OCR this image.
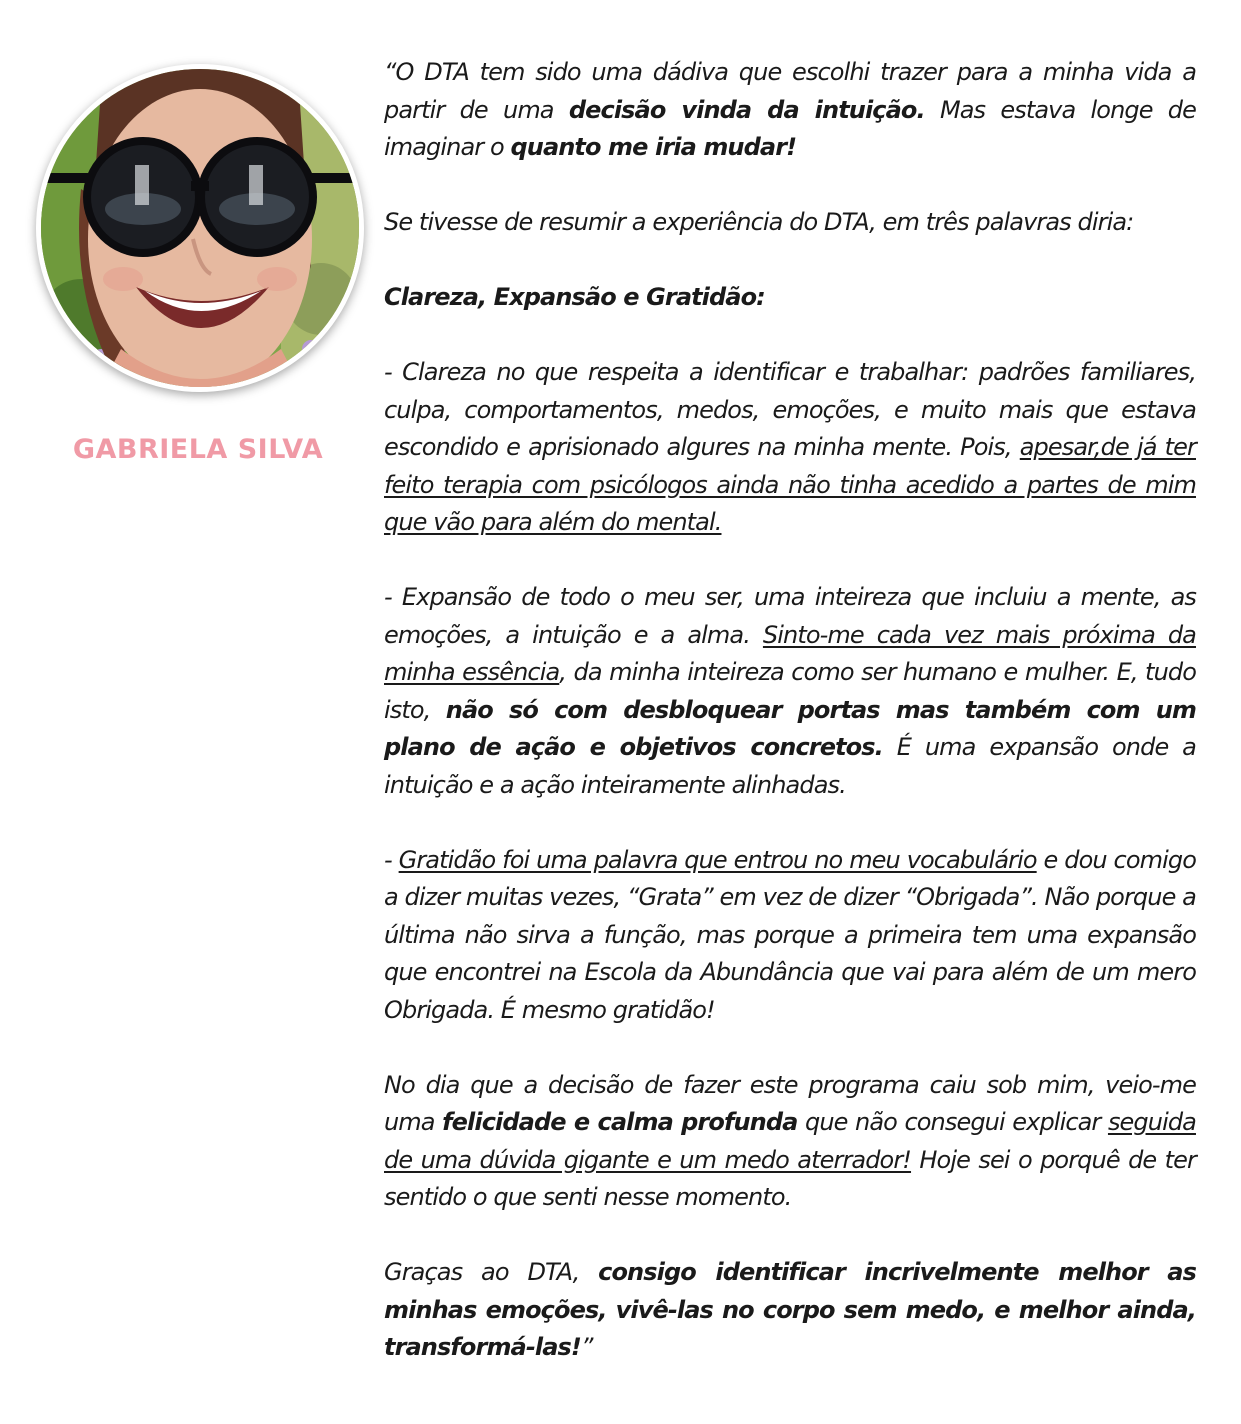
GABRIELA SILVA

“O DTA tem sido uma dádiva que escolhi trazer para a minha vida a partir de uma decisão vinda da intuição. Mas estava longe de imaginar o quanto me iria mudar!

Se tivesse de resumir a experiência do DTA, em três palavras diria:

Clareza, Expansão e Gratidão:

- Clareza no que respeita a identificar e trabalhar: padrões familiares, culpa, comportamentos, medos, emoções, e muito mais que estava escondido e aprisionado algures na minha mente. Pois, apesar,de já ter feito terapia com psicólogos ainda não tinha acedido a partes de mim que vão para além do mental.

- Expansão de todo o meu ser, uma inteireza que incluiu a mente, as emoções, a intuição e a alma. Sinto-me cada vez mais próxima da minha essência, da minha inteireza como ser humano e mulher. E, tudo isto, não só com desbloquear portas mas também com um plano de ação e objetivos concretos. É uma expansão onde a intuição e a ação inteiramente alinhadas.

- Gratidão foi uma palavra que entrou no meu vocabulário e dou comigo a dizer muitas vezes, “Grata” em vez de dizer “Obrigada”. Não porque a última não sirva a função, mas porque a primeira tem uma expansão que encontrei na Escola da Abundância que vai para além de um mero Obrigada. É mesmo gratidão!

No dia que a decisão de fazer este programa caiu sob mim, veio-me uma felicidade e calma profunda que não consegui explicar seguida de uma dúvida gigante e um medo aterrador! Hoje sei o porquê de ter sentido o que senti nesse momento.

Graças ao DTA, consigo identificar incrivelmente melhor as minhas emoções, vivê-las no corpo sem medo, e melhor ainda, transformá-las!”
